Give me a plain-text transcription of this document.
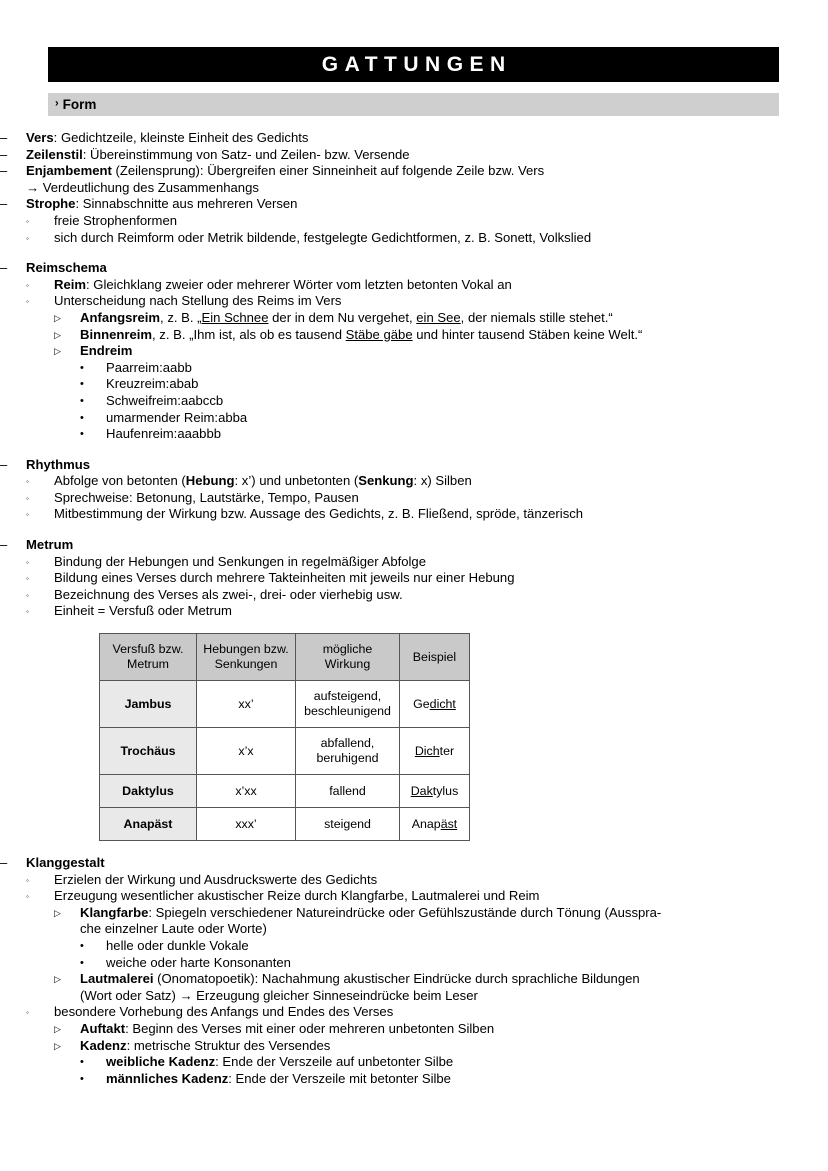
GATTUNGEN
› Form
–	Vers: Gedichtzeile, kleinste Einheit des Gedichts
–	Zeilenstil: Übereinstimmung von Satz- und Zeilen- bzw. Versende
–	Enjambement (Zeilensprung): Übergreifen einer Sinneinheit auf folgende Zeile bzw. Vers
→ Verdeutlichung des Zusammenhangs
–	Strophe: Sinnabschnitte aus mehreren Versen
◦	freie Strophenformen
◦	sich durch Reimform oder Metrik bildende, festgelegte Gedichtformen, z. B. Sonett, Volkslied
–	Reimschema
◦	Reim: Gleichklang zweier oder mehrerer Wörter vom letzten betonten Vokal an
◦	Unterscheidung nach Stellung des Reims im Vers
▷	Anfangsreim, z. B. „Ein Schnee der in dem Nu vergehet, ein See, der niemals stille stehet.“
▷	Binnenreim, z. B. „Ihm ist, als ob es tausend Stäbe gäbe und hinter tausend Stäben keine Welt.“
▷	Endreim
•	Paarreim:aabb
•	Kreuzreim:abab
•	Schweifreim:aabccb
•	umarmender Reim:abba
•	Haufenreim:aaabbb
–	Rhythmus
◦	Abfolge von betonten (Hebung: x’) und unbetonten (Senkung: x) Silben
◦	Sprechweise: Betonung, Lautstärke, Tempo, Pausen
◦	Mitbestimmung der Wirkung bzw. Aussage des Gedichts, z. B. Fließend, spröde, tänzerisch
–	Metrum
◦	Bindung der Hebungen und Senkungen in regelmäßiger Abfolge
◦	Bildung eines Verses durch mehrere Takteinheiten mit jeweils nur einer Hebung
◦	Bezeichnung des Verses als zwei-, drei- oder vierhebig usw.
◦	Einheit = Versfuß oder Metrum
Versfuß bzw. Metrum	Hebungen bzw. Senkungen	mögliche Wirkung	Beispiel
Jambus	xx’	aufsteigend, beschleunigend	Gedicht
Trochäus	x’x	abfallend, beruhigend	Dichter
Daktylus	x’xx	fallend	Daktylus
Anapäst	xxx’	steigend	Anapäst
–	Klanggestalt
◦	Erzielen der Wirkung und Ausdruckswerte des Gedichts
◦	Erzeugung wesentlicher akustischer Reize durch Klangfarbe, Lautmalerei und Reim
▷	Klangfarbe: Spiegeln verschiedener Natureindrücke oder Gefühlszustände durch Tönung (Ausspra-
che einzelner Laute oder Worte)
•	helle oder dunkle Vokale
•	weiche oder harte Konsonanten
▷	Lautmalerei (Onomatopoetik): Nachahmung akustischer Eindrücke durch sprachliche Bildungen
(Wort oder Satz) → Erzeugung gleicher Sinneseindrücke beim Leser
◦	besondere Vorhebung des Anfangs und Endes des Verses
▷	Auftakt: Beginn des Verses mit einer oder mehreren unbetonten Silben
▷	Kadenz: metrische Struktur des Versendes
•	weibliche Kadenz: Ende der Verszeile auf unbetonter Silbe
•	männliches Kadenz: Ende der Verszeile mit betonter Silbe
